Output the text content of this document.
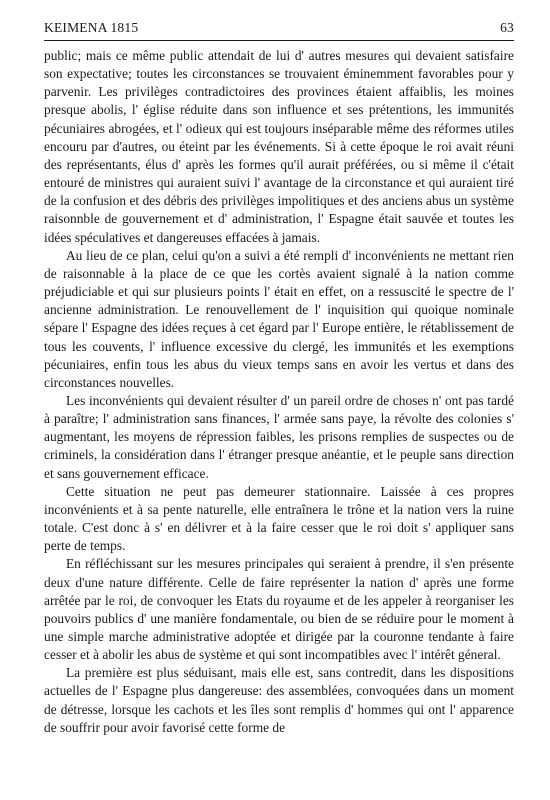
KEIMENA 1815	63

public; mais ce même public attendait de lui d' autres mesures qui devaient satisfaire son expectative; toutes les circonstances se trouvaient éminemment favorables pour y parvenir. Les privilèges contradictoires des provinces étaient affaiblis, les moines presque abolis, l' église réduite dans son influence et ses prétentions, les immunités pécuniaires abrogées, et l' odieux qui est toujours inséparable même des réformes utiles encouru par d'autres, ou éteint par les événements. Si à cette époque le roi avait réuni des représentants, élus d' après les formes qu'il aurait préférées, ou si même il c'était entouré de ministres qui auraient suivi l' avantage de la circonstance et qui auraient tiré de la confusion et des débris des privilèges impolitiques et des anciens abus un système raisonnble de gouvernement et d' administration, l' Espagne était sauvée et toutes les idées spéculatives et dangereuses effacées à jamais.

Au lieu de ce plan, celui qu'on a suivi a été rempli d' inconvénients ne mettant rien de raisonnable à la place de ce que les cortès avaient signalé à la nation comme préjudiciable et qui sur plusieurs points l' était en effet, on a ressuscité le spectre de l' ancienne administration. Le renouvellement de l' inquisition qui quoique nominale sépare l' Espagne des idées reçues à cet égard par l' Europe entière, le rétablissement de tous les couvents, l' influence excessive du clergé, les immunités et les exemptions pécuniaires, enfin tous les abus du vieux temps sans en avoir les vertus et dans des circonstances nouvelles.

Les inconvénients qui devaient résulter d' un pareil ordre de choses n' ont pas tardé à paraître; l' administration sans finances, l' armée sans paye, la révolte des colonies s' augmentant, les moyens de répression faibles, les prisons remplies de suspectes ou de criminels, la considération dans l' étranger presque anéantie, et le peuple sans direction et sans gouvernement efficace.

Cette situation ne peut pas demeurer stationnaire. Laissée à ces propres inconvénients et à sa pente naturelle, elle entraînera le trône et la nation vers la ruine totale. C'est donc à s' en délivrer et à la faire cesser que le roi doit s' appliquer sans perte de temps.

En réfléchissant sur les mesures principales qui seraient à prendre, il s'en présente deux d'une nature différente. Celle de faire représenter la nation d' après une forme arrêtée par le roi, de convoquer les Etats du royaume et de les appeler à reorganiser les pouvoirs publics d' une manière fondamentale, ou bien de se réduire pour le moment à une simple marche administrative adoptée et dirigée par la couronne tendante à faire cesser et à abolir les abus de système et qui sont incompatibles avec l' intérêt géneral.

La première est plus séduisant, mais elle est, sans contredit, dans les dispositions actuelles de l' Espagne plus dangereuse: des assemblées, convoquées dans un moment de détresse, lorsque les cachots et les îles sont remplis d' hommes qui ont l' apparence de souffrir pour avoir favorisé cette forme de
